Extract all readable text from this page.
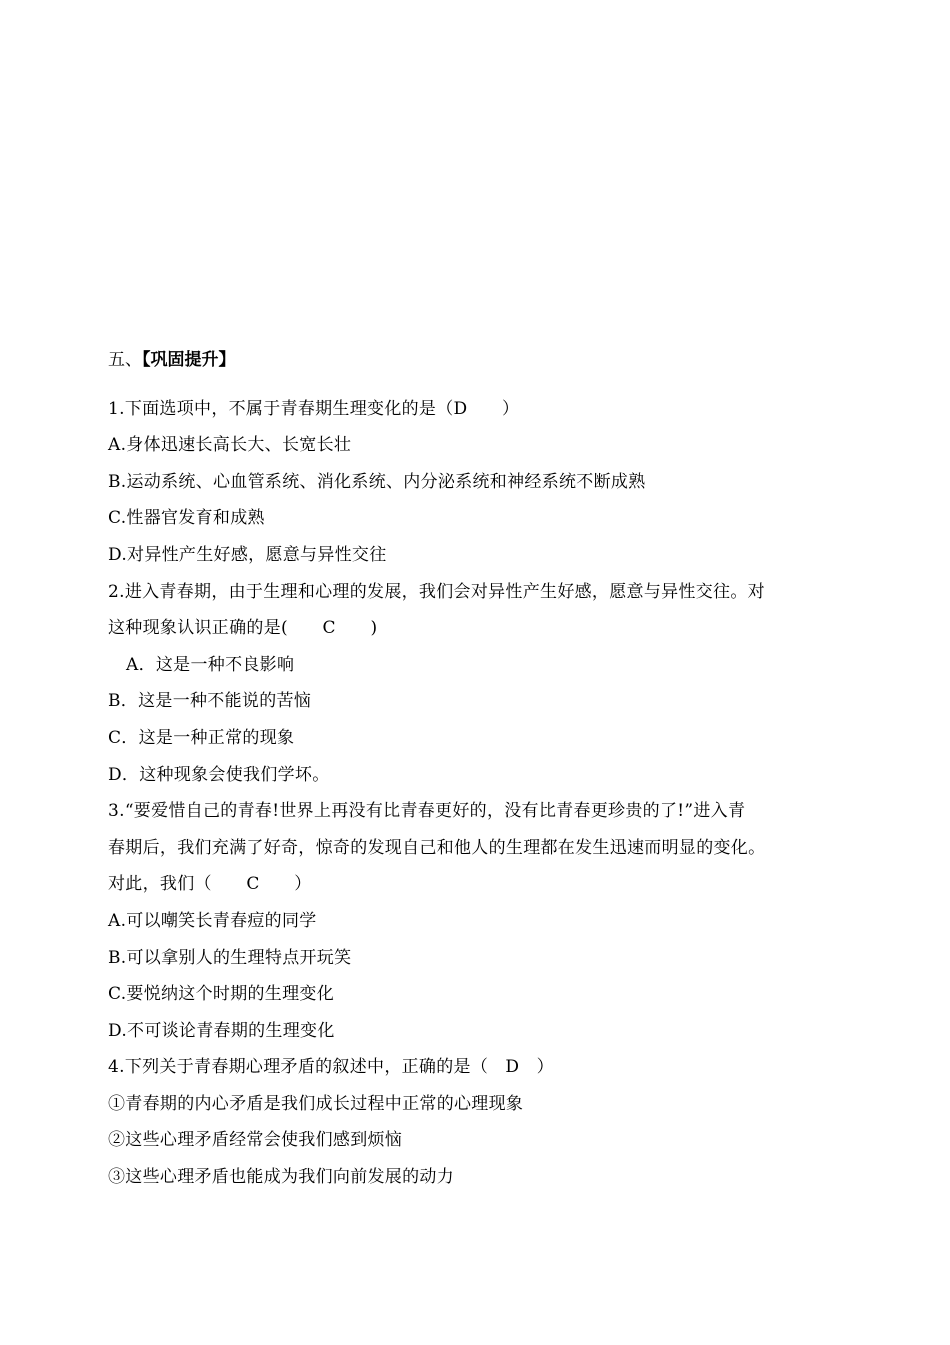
五、【巩固提升】
1.下面选项中，不属于青春期生理变化的是（D　　）
A.身体迅速长高长大、长宽长壮
B.运动系统、心血管系统、消化系统、内分泌系统和神经系统不断成熟
C.性器官发育和成熟
D.对异性产生好感，愿意与异性交往
2.进入青春期，由于生理和心理的发展，我们会对异性产生好感，愿意与异性交往。对
这种现象认识正确的是(　　C　　)
A．这是一种不良影响
B．这是一种不能说的苦恼
C．这是一种正常的现象
D．这种现象会使我们学坏。
3.“要爱惜自己的青春!世界上再没有比青春更好的，没有比青春更珍贵的了!”进入青
春期后，我们充满了好奇，惊奇的发现自己和他人的生理都在发生迅速而明显的变化。
对此，我们（　　C　　）
A.可以嘲笑长青春痘的同学
B.可以拿别人的生理特点开玩笑
C.要悦纳这个时期的生理变化
D.不可谈论青春期的生理变化
4.下列关于青春期心理矛盾的叙述中，正确的是（　D　）
①青春期的内心矛盾是我们成长过程中正常的心理现象
②这些心理矛盾经常会使我们感到烦恼
③这些心理矛盾也能成为我们向前发展的动力
